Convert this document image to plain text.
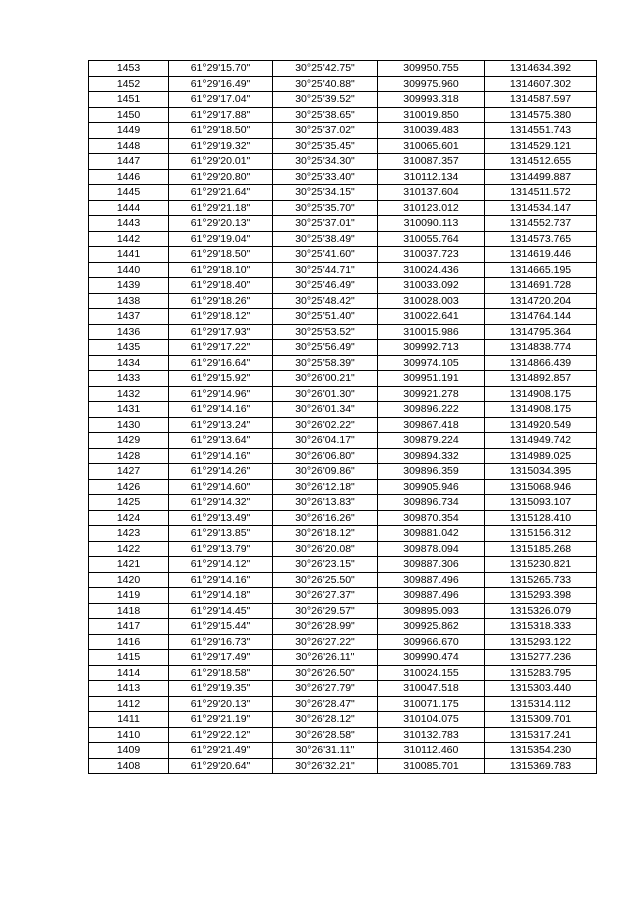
1453	61°29'15.70"	30°25'42.75"	309950.755	1314634.392
1452	61°29'16.49"	30°25'40.88"	309975.960	1314607.302
1451	61°29'17.04"	30°25'39.52"	309993.318	1314587.597
1450	61°29'17.88"	30°25'38.65"	310019.850	1314575.380
1449	61°29'18.50"	30°25'37.02"	310039.483	1314551.743
1448	61°29'19.32"	30°25'35.45"	310065.601	1314529.121
1447	61°29'20.01"	30°25'34.30"	310087.357	1314512.655
1446	61°29'20.80"	30°25'33.40"	310112.134	1314499.887
1445	61°29'21.64"	30°25'34.15"	310137.604	1314511.572
1444	61°29'21.18"	30°25'35.70"	310123.012	1314534.147
1443	61°29'20.13"	30°25'37.01"	310090.113	1314552.737
1442	61°29'19.04"	30°25'38.49"	310055.764	1314573.765
1441	61°29'18.50"	30°25'41.60"	310037.723	1314619.446
1440	61°29'18.10"	30°25'44.71"	310024.436	1314665.195
1439	61°29'18.40"	30°25'46.49"	310033.092	1314691.728
1438	61°29'18.26"	30°25'48.42"	310028.003	1314720.204
1437	61°29'18.12"	30°25'51.40"	310022.641	1314764.144
1436	61°29'17.93"	30°25'53.52"	310015.986	1314795.364
1435	61°29'17.22"	30°25'56.49"	309992.713	1314838.774
1434	61°29'16.64"	30°25'58.39"	309974.105	1314866.439
1433	61°29'15.92"	30°26'00.21"	309951.191	1314892.857
1432	61°29'14.96"	30°26'01.30"	309921.278	1314908.175
1431	61°29'14.16"	30°26'01.34"	309896.222	1314908.175
1430	61°29'13.24"	30°26'02.22"	309867.418	1314920.549
1429	61°29'13.64"	30°26'04.17"	309879.224	1314949.742
1428	61°29'14.16"	30°26'06.80"	309894.332	1314989.025
1427	61°29'14.26"	30°26'09.86"	309896.359	1315034.395
1426	61°29'14.60"	30°26'12.18"	309905.946	1315068.946
1425	61°29'14.32"	30°26'13.83"	309896.734	1315093.107
1424	61°29'13.49"	30°26'16.26"	309870.354	1315128.410
1423	61°29'13.85"	30°26'18.12"	309881.042	1315156.312
1422	61°29'13.79"	30°26'20.08"	309878.094	1315185.268
1421	61°29'14.12"	30°26'23.15"	309887.306	1315230.821
1420	61°29'14.16"	30°26'25.50"	309887.496	1315265.733
1419	61°29'14.18"	30°26'27.37"	309887.496	1315293.398
1418	61°29'14.45"	30°26'29.57"	309895.093	1315326.079
1417	61°29'15.44"	30°26'28.99"	309925.862	1315318.333
1416	61°29'16.73"	30°26'27.22"	309966.670	1315293.122
1415	61°29'17.49"	30°26'26.11"	309990.474	1315277.236
1414	61°29'18.58"	30°26'26.50"	310024.155	1315283.795
1413	61°29'19.35"	30°26'27.79"	310047.518	1315303.440
1412	61°29'20.13"	30°26'28.47"	310071.175	1315314.112
1411	61°29'21.19"	30°26'28.12"	310104.075	1315309.701
1410	61°29'22.12"	30°26'28.58"	310132.783	1315317.241
1409	61°29'21.49"	30°26'31.11"	310112.460	1315354.230
1408	61°29'20.64"	30°26'32.21"	310085.701	1315369.783
